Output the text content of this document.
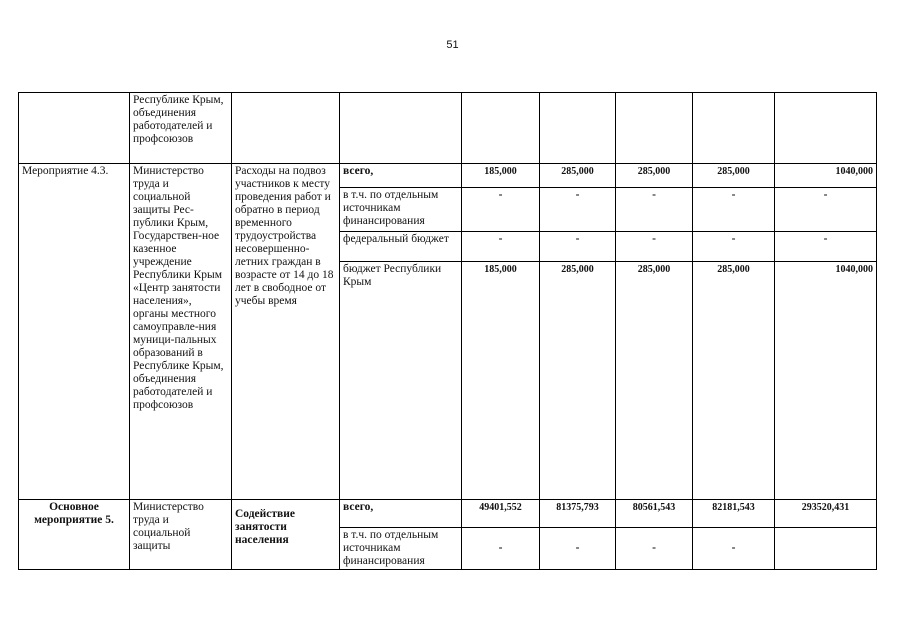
51
	Республике Крым, объединения работодателей и профсоюзов							
Мероприятие 4.3.	Министерство труда и социальной защиты Рес-публики Крым, Государствен-ное казенное учреждение Республики Крым «Центр занятости населения», органы местного самоуправле-ния муници-пальных образований в Республике Крым, объединения работодателей и профсоюзов	Расходы на подвоз участников к месту проведения работ и обратно в период временного трудоустройства несовершенно-летних граждан в возрасте от 14 до 18 лет в свободное от учебы время	всего,	185,000	285,000	285,000	285,000	1040,000
			в т.ч. по отдельным источникам финансирования	-	-	-	-	-
			федеральный бюджет	-	-	-	-	-
			бюджет Республики Крым	185,000	285,000	285,000	285,000	1040,000
Основное мероприятие 5.	Министерство труда и социальной защиты	Содействие занятости населения	всего,	49401,552	81375,793	80561,543	82181,543	293520,431
			в т.ч. по отдельным источникам финансирования	-	-	-	-	
